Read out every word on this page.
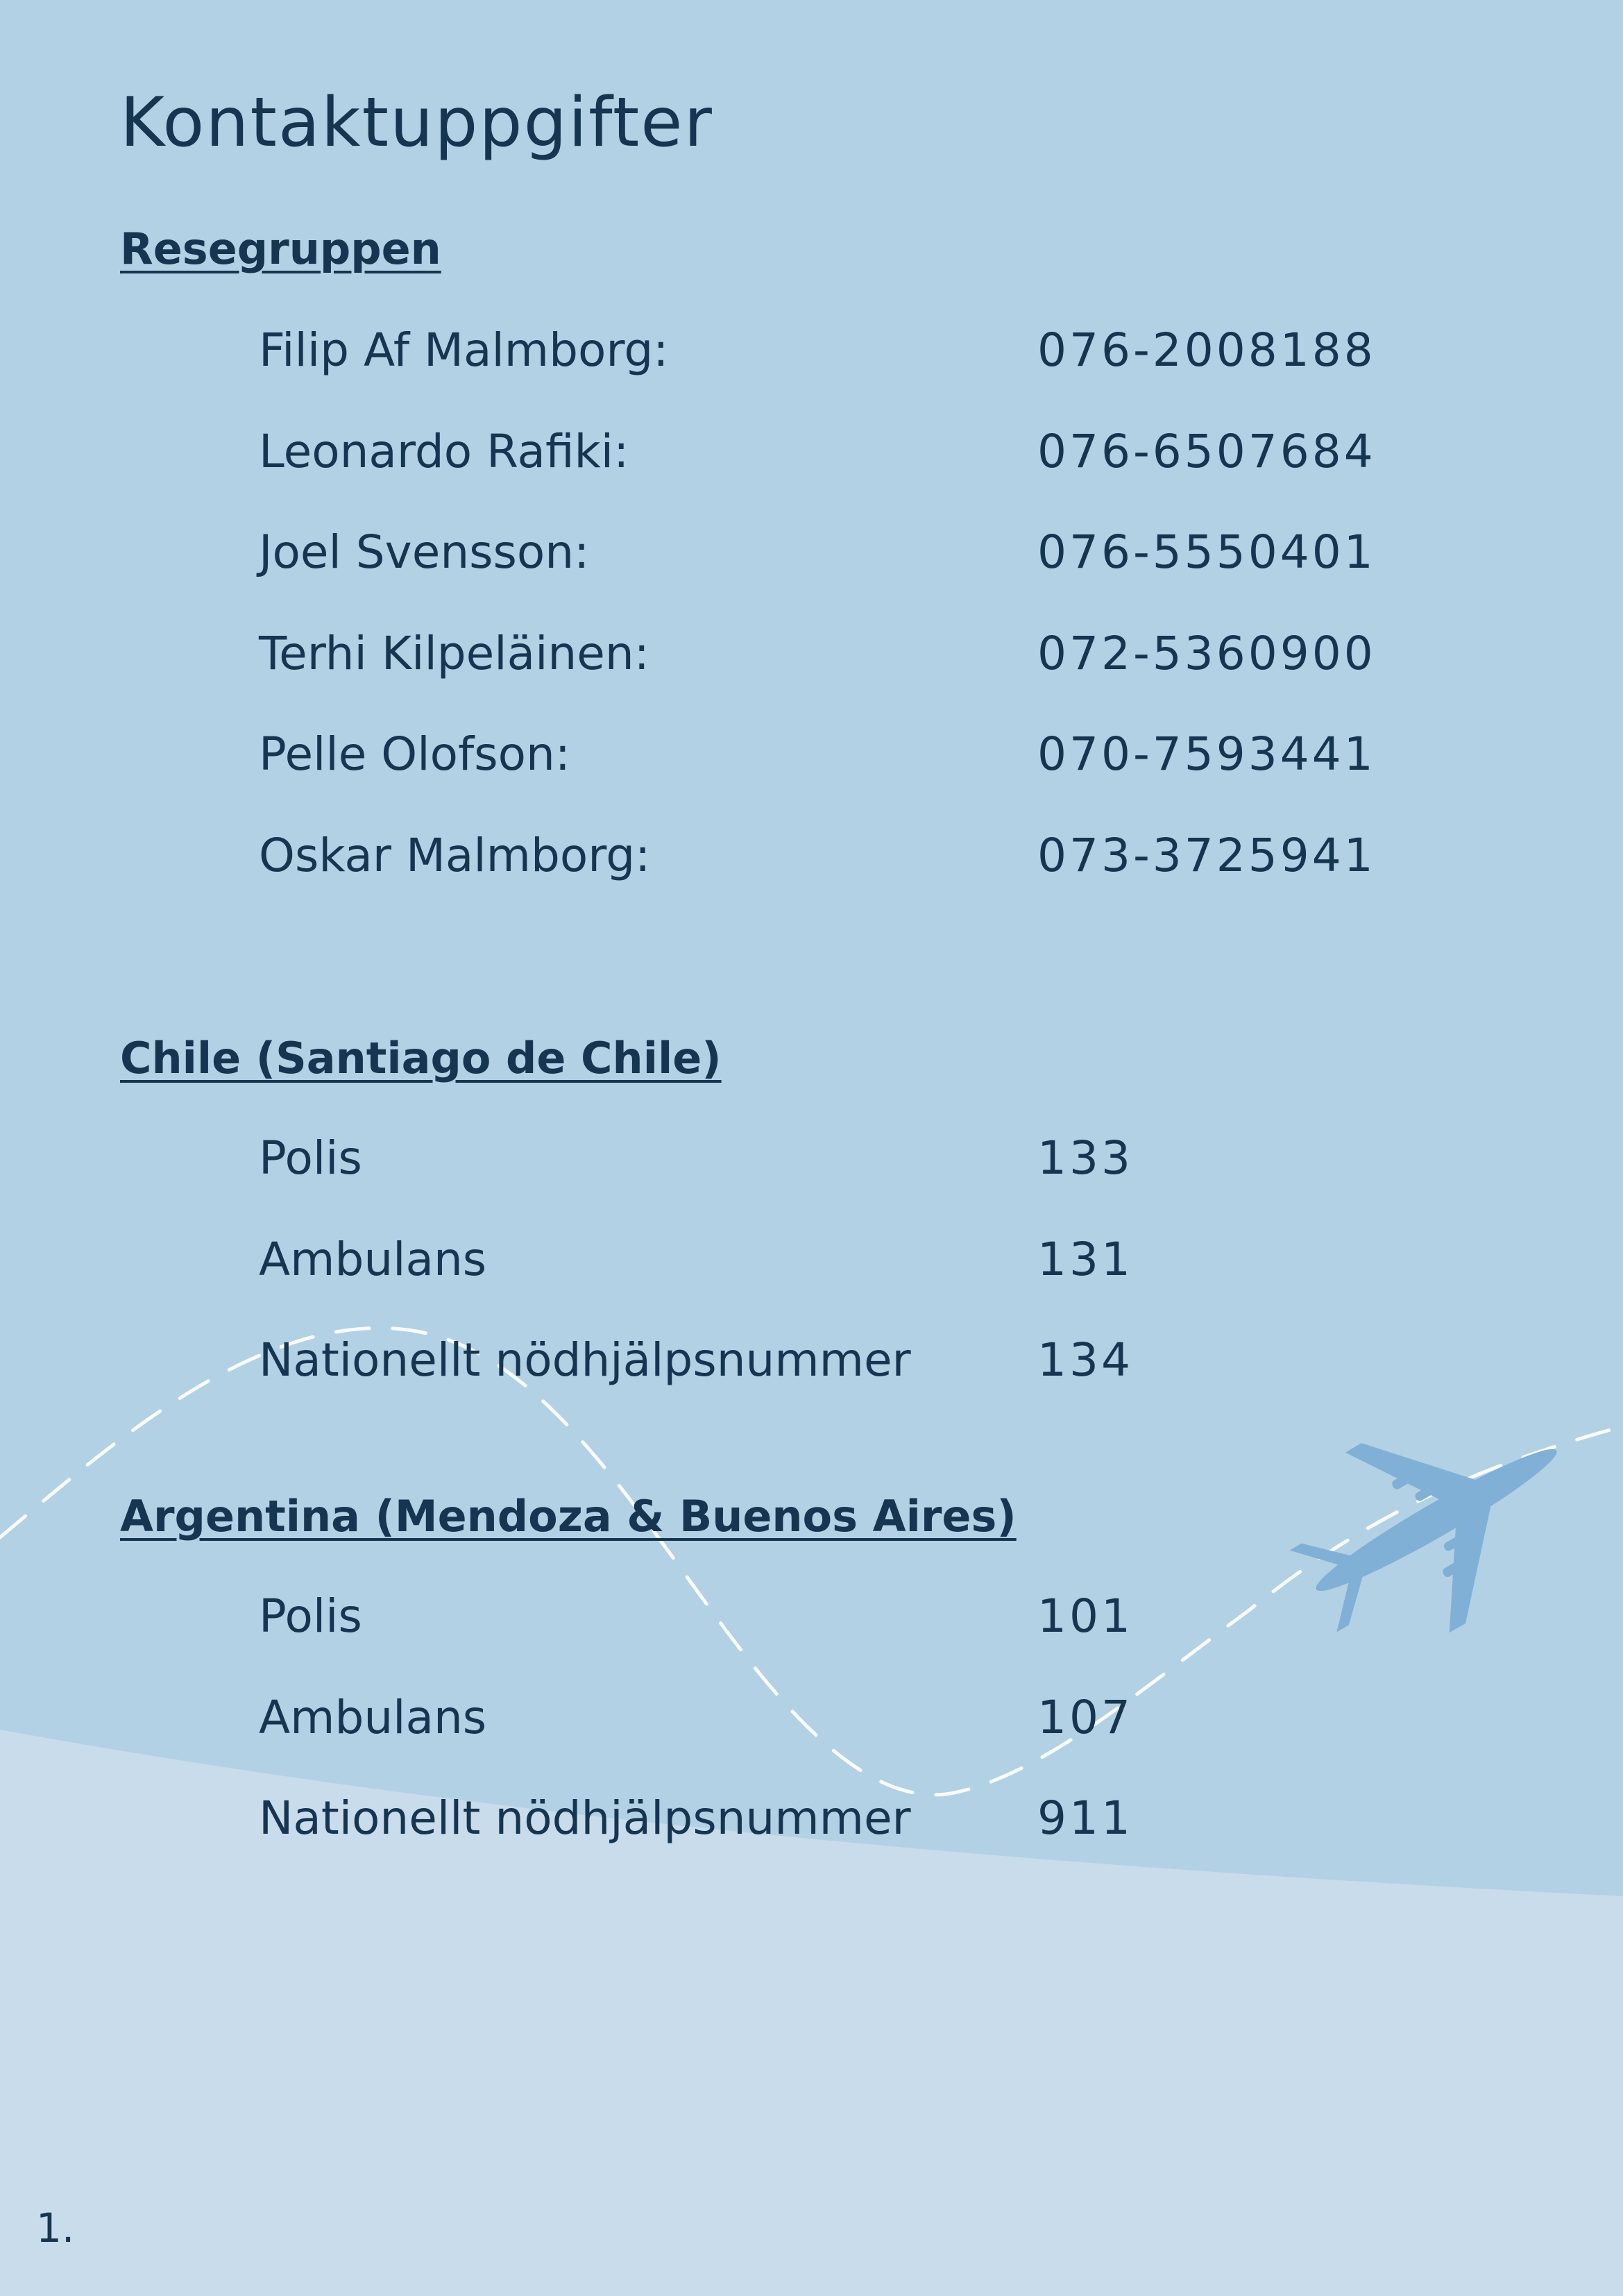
Kontaktuppgifter
Resegruppen
Filip Af Malmborg:	076-2008188
Leonardo Rafiki:	076-6507684
Joel Svensson:	076-5550401
Terhi Kilpeläinen:	072-5360900
Pelle Olofson:	070-7593441
Oskar Malmborg:	073-3725941
Chile (Santiago de Chile)
Polis	133
Ambulans	131
Nationellt nödhjälpsnummer	134
Argentina (Mendoza & Buenos Aires)
Polis	101
Ambulans	107
Nationellt nödhjälpsnummer	911
1.
